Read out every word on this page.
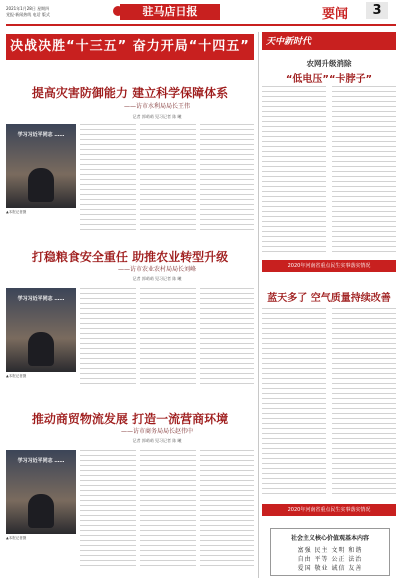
2021年1月28日 星期四
党报·新闻热线 电话 版式	驻马店日报	要闻	3
决战决胜“十三五” 奋力开局“十四五”
提高灾害防御能力 建立科学保障体系
——访市水利局局长王伟
记者 郭萌萌 见习记者 陈 曦
学习习近平同志 ……
▲本报记者摄
打稳粮食安全重任 助推农业转型升级
——访市农业农村局局长刘峰
记者 郭萌萌 见习记者 陈 曦
学习习近平同志 ……
▲本报记者摄
推动商贸物流发展 打造一流营商环境
——访市商务局局长赵伟中
记者 郭萌萌 见习记者 陈 曦
学习习近平同志 ……
▲本报记者摄
天中新时代
农网升级消除
“低电压”“卡脖子”
2020年河南省重点民生实事落实情况
蓝天多了 空气质量持续改善
2020年河南省重点民生实事落实情况
社会主义核心价值观基本内容
富强 民主 文明 和谐
自由 平等 公正 法治
爱国 敬业 诚信 友善
